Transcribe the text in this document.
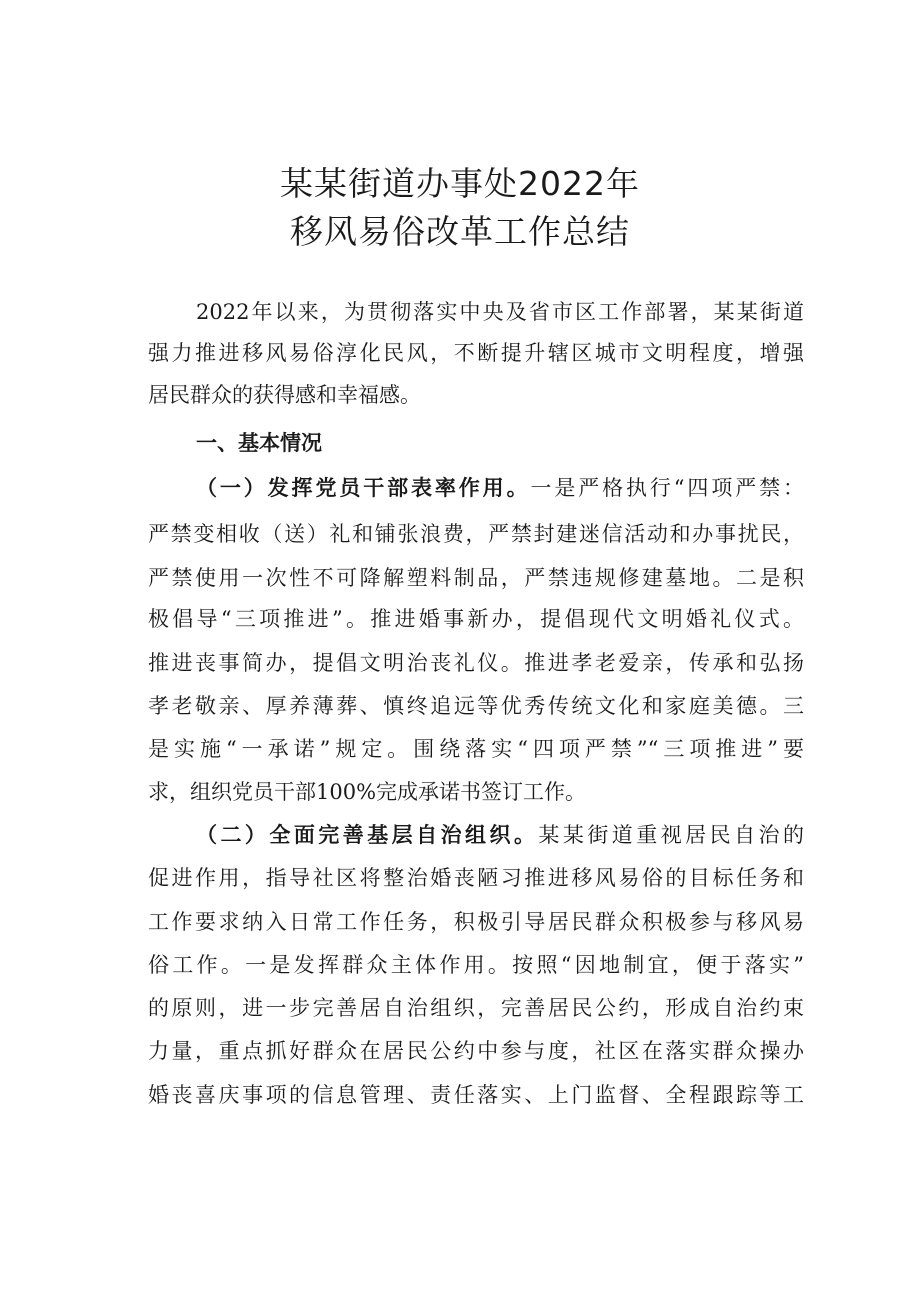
某某街道办事处2022年
移风易俗改革工作总结
2022年以来，为贯彻落实中央及省市区工作部署，某某街道
强力推进移风易俗淳化民风，不断提升辖区城市文明程度，增强
居民群众的获得感和幸福感。
一、基本情况
（一）发挥党员干部表率作用。一是严格执行“四项严禁：
严禁变相收（送）礼和铺张浪费，严禁封建迷信活动和办事扰民，
严禁使用一次性不可降解塑料制品，严禁违规修建墓地。二是积
极倡导“三项推进”。推进婚事新办，提倡现代文明婚礼仪式。
推进丧事简办，提倡文明治丧礼仪。推进孝老爱亲，传承和弘扬
孝老敬亲、厚养薄葬、慎终追远等优秀传统文化和家庭美德。三
是实施“一承诺”规定。围绕落实“四项严禁”“三项推进”要
求，组织党员干部100%完成承诺书签订工作。
（二）全面完善基层自治组织。某某街道重视居民自治的
促进作用，指导社区将整治婚丧陋习推进移风易俗的目标任务和
工作要求纳入日常工作任务，积极引导居民群众积极参与移风易
俗工作。一是发挥群众主体作用。按照“因地制宜，便于落实”
的原则，进一步完善居自治组织，完善居民公约，形成自治约束
力量，重点抓好群众在居民公约中参与度，社区在落实群众操办
婚丧喜庆事项的信息管理、责任落实、上门监督、全程跟踪等工
